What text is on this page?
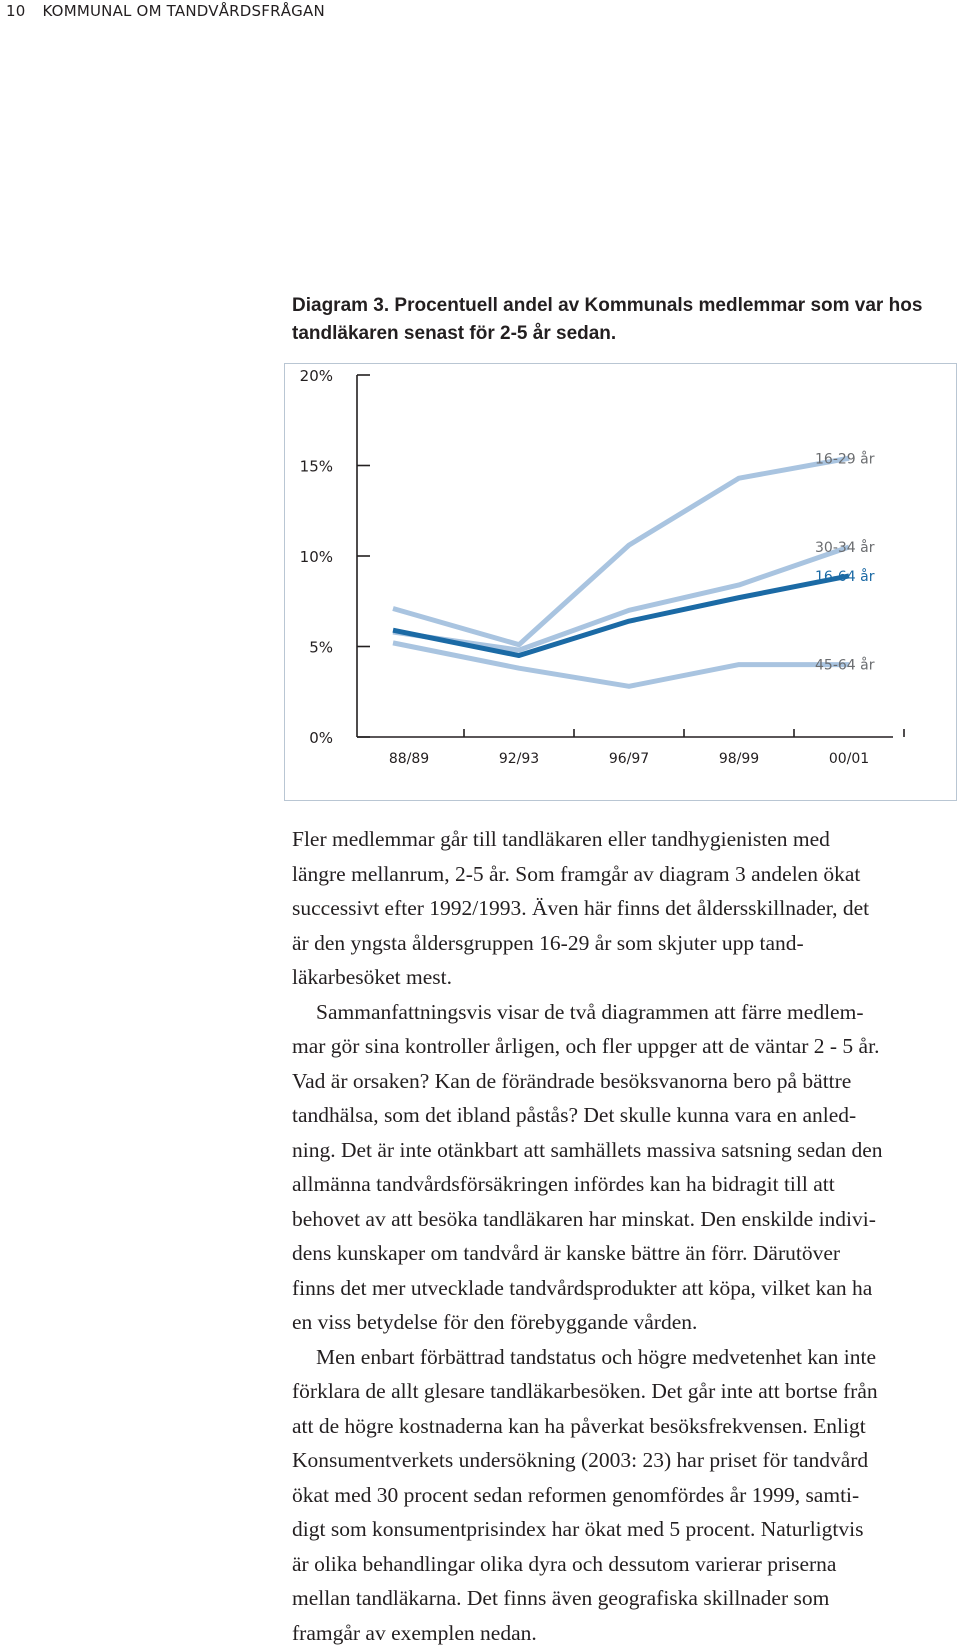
10 KOMMUNAL OM TANDVÅRDSFRÅGAN
Diagram 3. Procentuell andel av Kommunals medlemmar som var hos
tandläkaren senast för 2-5 år sedan.
0%
5%
10%
15%
20%
88/89	92/93	96/97	98/99	00/01
16-29 år
30-34 år
16-64 år
45-64 år
Fler medlemmar går till tandläkaren eller tandhygienisten med
längre mellanrum, 2-5 år. Som framgår av diagram 3 andelen ökat
successivt efter 1992/1993. Även här finns det åldersskillnader, det
är den yngsta åldersgruppen 16-29 år som skjuter upp tand-
läkarbesöket mest.
Sammanfattningsvis visar de två diagrammen att färre medlem-
mar gör sina kontroller årligen, och fler uppger att de väntar 2 - 5 år.
Vad är orsaken? Kan de förändrade besöksvanorna bero på bättre
tandhälsa, som det ibland påstås? Det skulle kunna vara en anled-
ning. Det är inte otänkbart att samhällets massiva satsning sedan den
allmänna tandvårdsförsäkringen infördes kan ha bidragit till att
behovet av att besöka tandläkaren har minskat. Den enskilde indivi-
dens kunskaper om tandvård är kanske bättre än förr. Därutöver
finns det mer utvecklade tandvårdsprodukter att köpa, vilket kan ha
en viss betydelse för den förebyggande vården.
Men enbart förbättrad tandstatus och högre medvetenhet kan inte
förklara de allt glesare tandläkarbesöken. Det går inte att bortse från
att de högre kostnaderna kan ha påverkat besöksfrekvensen. Enligt
Konsumentverkets undersökning (2003: 23) har priset för tandvård
ökat med 30 procent sedan reformen genomfördes år 1999, samti-
digt som konsumentprisindex har ökat med 5 procent. Naturligtvis
är olika behandlingar olika dyra och dessutom varierar priserna
mellan tandläkarna. Det finns även geografiska skillnader som
framgår av exemplen nedan.
